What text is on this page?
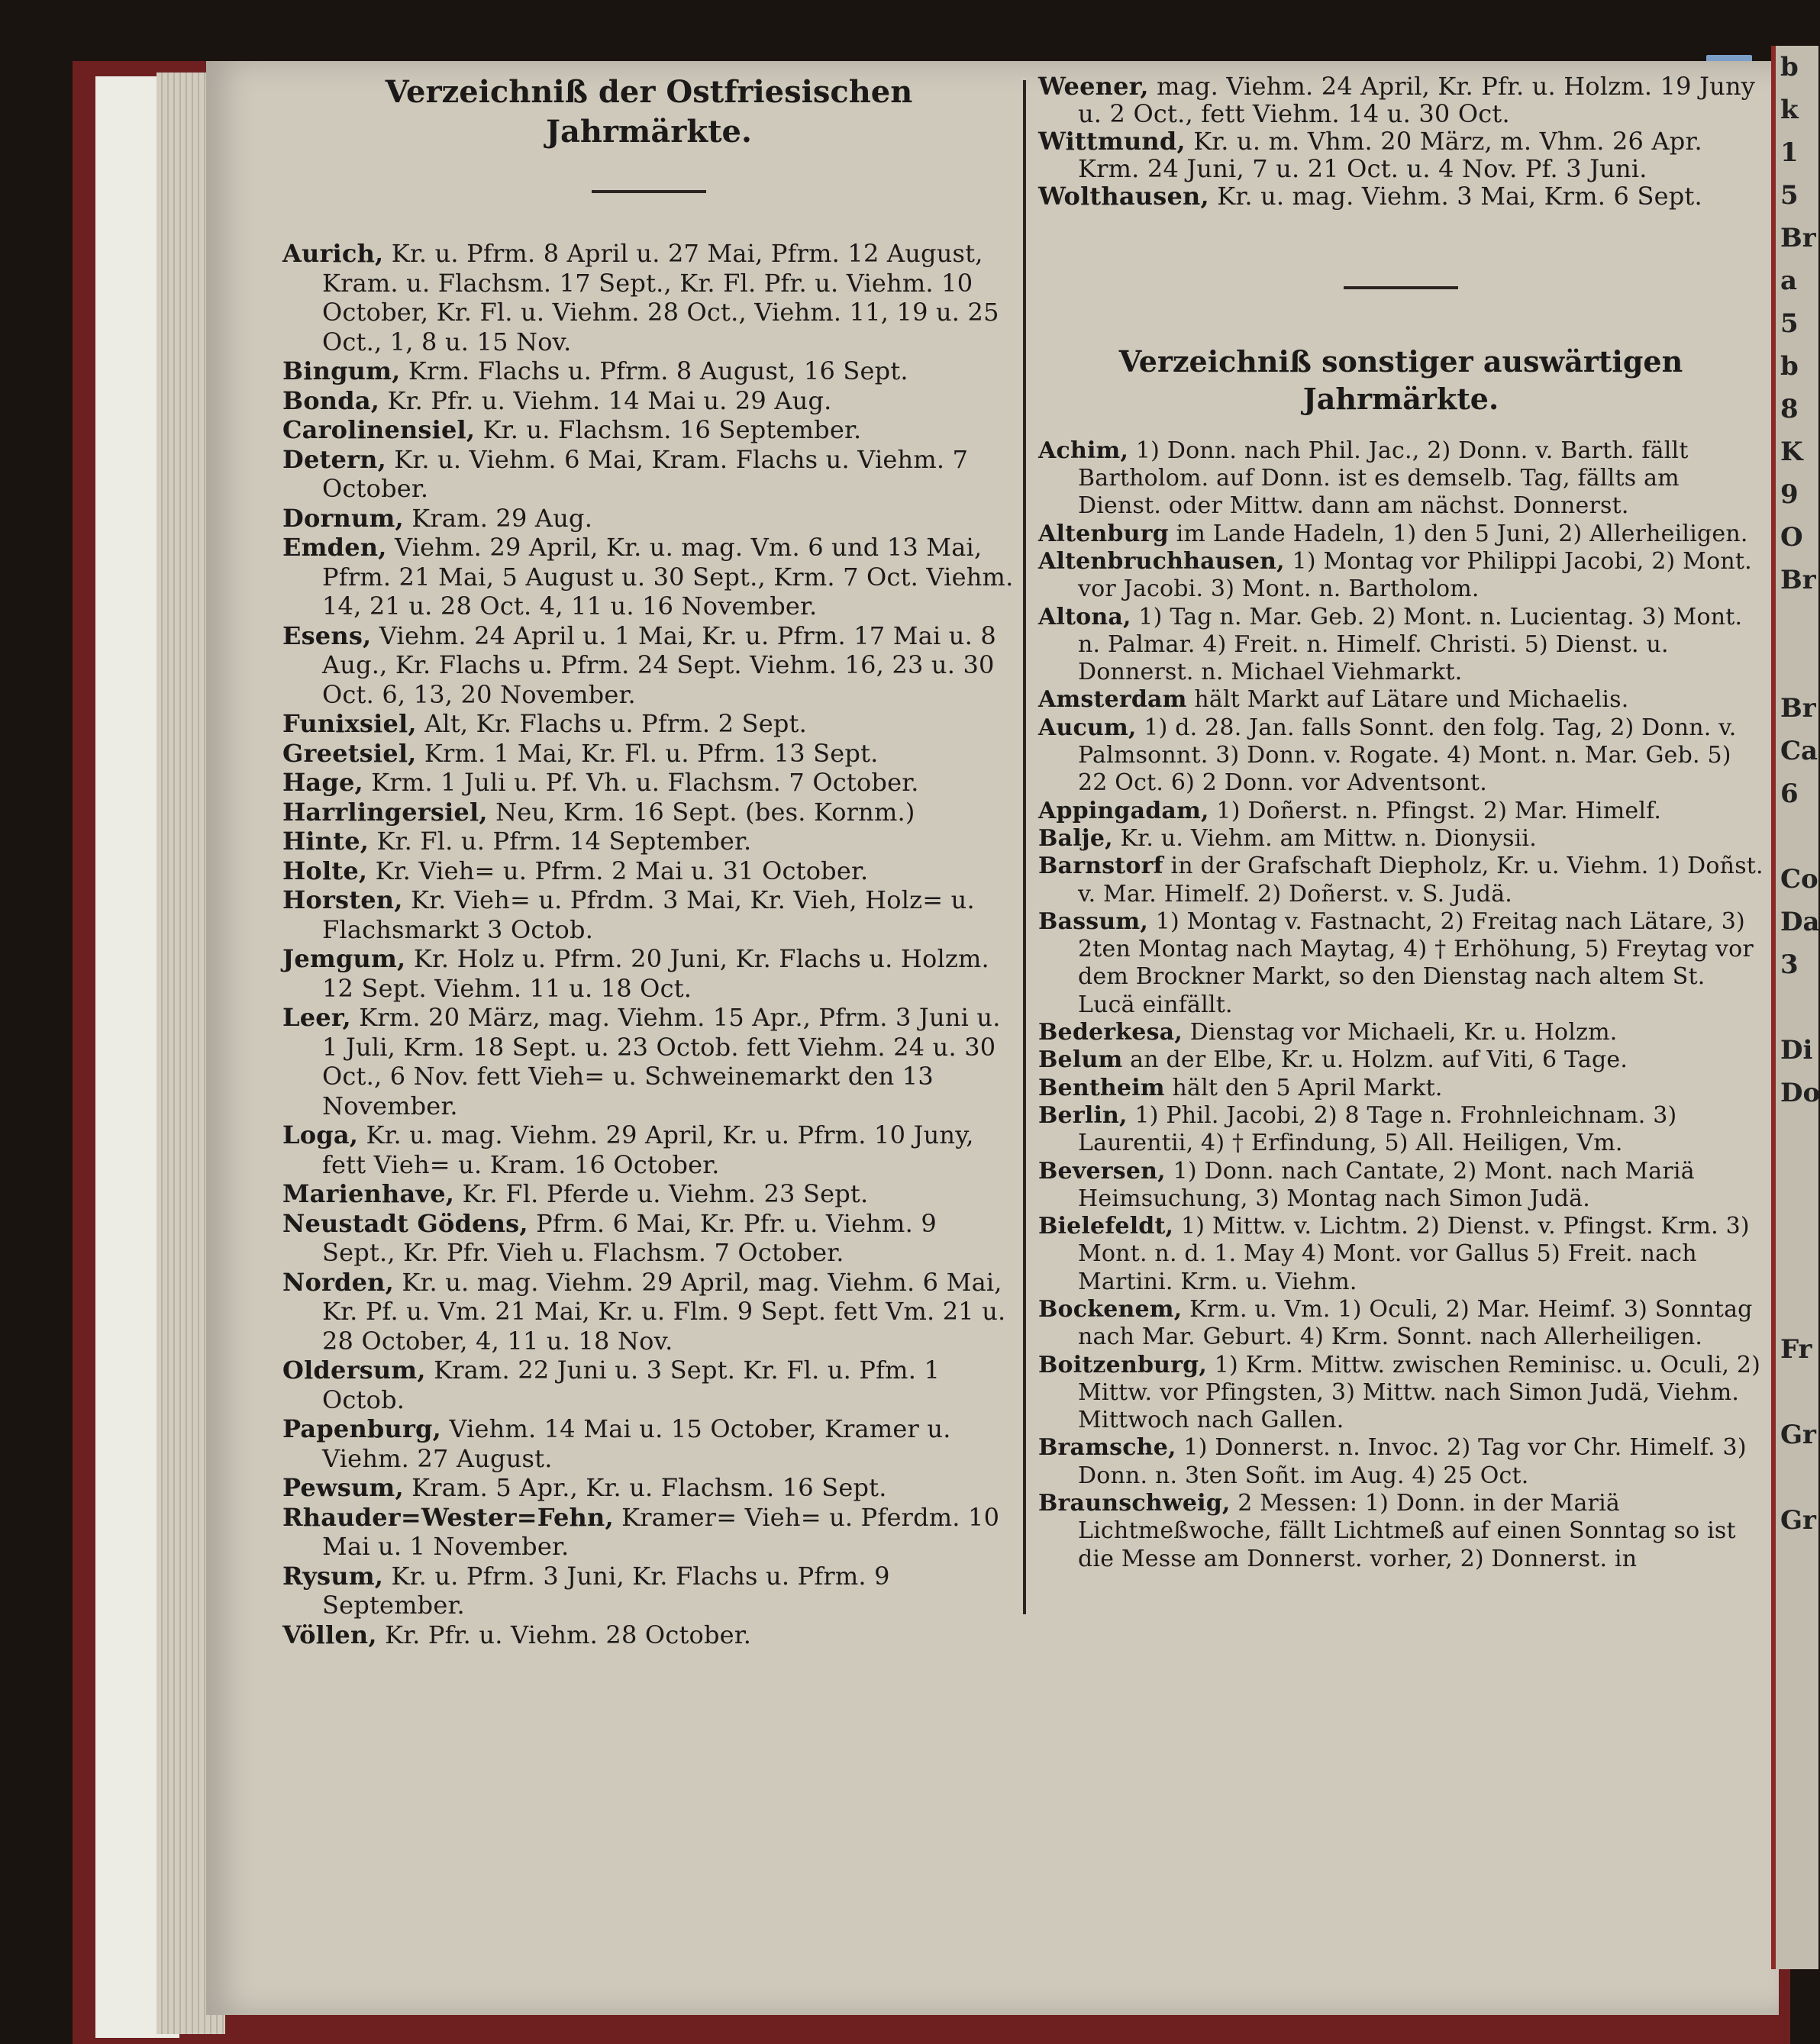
b
k
1
5
Br
a
5
b
8
K
9
O
Br

Br
Ca
6

Co
Da
3

Di
Do

Fr

Gr

Gr

Verzeichniß der Ostfriesischen Jahrmärkte.

Aurich, Kr. u. Pfrm. 8 April u. 27 Mai, Pfrm. 12 August, Kram. u. Flachsm. 17 Sept., Kr. Fl. Pfr. u. Viehm. 10 October, Kr. Fl. u. Viehm. 28 Oct., Viehm. 11, 19 u. 25 Oct., 1, 8 u. 15 Nov.

Bingum, Krm. Flachs u. Pfrm. 8 August, 16 Sept.

Bonda, Kr. Pfr. u. Viehm. 14 Mai u. 29 Aug.

Carolinensiel, Kr. u. Flachsm. 16 September.

Detern, Kr. u. Viehm. 6 Mai, Kram. Flachs u. Viehm. 7 October.

Dornum, Kram. 29 Aug.

Emden, Viehm. 29 April, Kr. u. mag. Vm. 6 und 13 Mai, Pfrm. 21 Mai, 5 August u. 30 Sept., Krm. 7 Oct. Viehm. 14, 21 u. 28 Oct. 4, 11 u. 16 November.

Esens, Viehm. 24 April u. 1 Mai, Kr. u. Pfrm. 17 Mai u. 8 Aug., Kr. Flachs u. Pfrm. 24 Sept. Viehm. 16, 23 u. 30 Oct. 6, 13, 20 November.

Funixsiel, Alt, Kr. Flachs u. Pfrm. 2 Sept.

Greetsiel, Krm. 1 Mai, Kr. Fl. u. Pfrm. 13 Sept.

Hage, Krm. 1 Juli u. Pf. Vh. u. Flachsm. 7 October.

Harrlingersiel, Neu, Krm. 16 Sept. (bes. Kornm.)

Hinte, Kr. Fl. u. Pfrm. 14 September.

Holte, Kr. Vieh= u. Pfrm. 2 Mai u. 31 October.

Horsten, Kr. Vieh= u. Pfrdm. 3 Mai, Kr. Vieh, Holz= u. Flachsmarkt 3 Octob.

Jemgum, Kr. Holz u. Pfrm. 20 Juni, Kr. Flachs u. Holzm. 12 Sept. Viehm. 11 u. 18 Oct.

Leer, Krm. 20 März, mag. Viehm. 15 Apr., Pfrm. 3 Juni u. 1 Juli, Krm. 18 Sept. u. 23 Octob. fett Viehm. 24 u. 30 Oct., 6 Nov. fett Vieh= u. Schweinemarkt den 13 November.

Loga, Kr. u. mag. Viehm. 29 April, Kr. u. Pfrm. 10 Juny, fett Vieh= u. Kram. 16 October.

Marienhave, Kr. Fl. Pferde u. Viehm. 23 Sept.

Neustadt Gödens, Pfrm. 6 Mai, Kr. Pfr. u. Viehm. 9 Sept., Kr. Pfr. Vieh u. Flachsm. 7 October.

Norden, Kr. u. mag. Viehm. 29 April, mag. Viehm. 6 Mai, Kr. Pf. u. Vm. 21 Mai, Kr. u. Flm. 9 Sept. fett Vm. 21 u. 28 October, 4, 11 u. 18 Nov.

Oldersum, Kram. 22 Juni u. 3 Sept. Kr. Fl. u. Pfm. 1 Octob.

Papenburg, Viehm. 14 Mai u. 15 October, Kramer u. Viehm. 27 August.

Pewsum, Kram. 5 Apr., Kr. u. Flachsm. 16 Sept.

Rhauder=Wester=Fehn, Kramer= Vieh= u. Pferdm. 10 Mai u. 1 November.

Rysum, Kr. u. Pfrm. 3 Juni, Kr. Flachs u. Pfrm. 9 September.

Völlen, Kr. Pfr. u. Viehm. 28 October.

Weener, mag. Viehm. 24 April, Kr. Pfr. u. Holzm. 19 Juny u. 2 Oct., fett Viehm. 14 u. 30 Oct.

Wittmund, Kr. u. m. Vhm. 20 März, m. Vhm. 26 Apr. Krm. 24 Juni, 7 u. 21 Oct. u. 4 Nov. Pf. 3 Juni.

Wolthausen, Kr. u. mag. Viehm. 3 Mai, Krm. 6 Sept.

Verzeichniß sonstiger auswärtigen

Jahrmärkte.

Achim, 1) Donn. nach Phil. Jac., 2) Donn. v. Barth. fällt Bartholom. auf Donn. ist es demselb. Tag, fällts am Dienst. oder Mittw. dann am nächst. Donnerst.

Altenburg im Lande Hadeln, 1) den 5 Juni, 2) Allerheiligen.

Altenbruchhausen, 1) Montag vor Philippi Jacobi, 2) Mont. vor Jacobi. 3) Mont. n. Bartholom.

Altona, 1) Tag n. Mar. Geb. 2) Mont. n. Lucientag. 3) Mont. n. Palmar. 4) Freit. n. Himelf. Christi. 5) Dienst. u. Donnerst. n. Michael Viehmarkt.

Amsterdam hält Markt auf Lätare und Michaelis.

Aucum, 1) d. 28. Jan. falls Sonnt. den folg. Tag, 2) Donn. v. Palmsonnt. 3) Donn. v. Rogate. 4) Mont. n. Mar. Geb. 5) 22 Oct. 6) 2 Donn. vor Adventsont.

Appingadam, 1) Doñerst. n. Pfingst. 2) Mar. Himelf.

Balje, Kr. u. Viehm. am Mittw. n. Dionysii.

Barnstorf in der Grafschaft Diepholz, Kr. u. Viehm. 1) Doñst. v. Mar. Himelf. 2) Doñerst. v. S. Judä.

Bassum, 1) Montag v. Fastnacht, 2) Freitag nach Lätare, 3) 2ten Montag nach Maytag, 4) † Erhöhung, 5) Freytag vor dem Brockner Markt, so den Dienstag nach altem St. Lucä einfällt.

Bederkesa, Dienstag vor Michaeli, Kr. u. Holzm.

Belum an der Elbe, Kr. u. Holzm. auf Viti, 6 Tage.

Bentheim hält den 5 April Markt.

Berlin, 1) Phil. Jacobi, 2) 8 Tage n. Frohnleichnam. 3) Laurentii, 4) † Erfindung, 5) All. Heiligen, Vm.

Beversen, 1) Donn. nach Cantate, 2) Mont. nach Mariä Heimsuchung, 3) Montag nach Simon Judä.

Bielefeldt, 1) Mittw. v. Lichtm. 2) Dienst. v. Pfingst. Krm. 3) Mont. n. d. 1. May 4) Mont. vor Gallus 5) Freit. nach Martini. Krm. u. Viehm.

Bockenem, Krm. u. Vm. 1) Oculi, 2) Mar. Heimf. 3) Sonntag nach Mar. Geburt. 4) Krm. Sonnt. nach Allerheiligen.

Boitzenburg, 1) Krm. Mittw. zwischen Reminisc. u. Oculi, 2) Mittw. vor Pfingsten, 3) Mittw. nach Simon Judä, Viehm. Mittwoch nach Gallen.

Bramsche, 1) Donnerst. n. Invoc. 2) Tag vor Chr. Himelf. 3) Donn. n. 3ten Soñt. im Aug. 4) 25 Oct.

Braunschweig, 2 Messen: 1) Donn. in der Mariä Lichtmeßwoche, fällt Lichtmeß auf einen Sonntag so ist die Messe am Donnerst. vorher, 2) Donnerst. in
